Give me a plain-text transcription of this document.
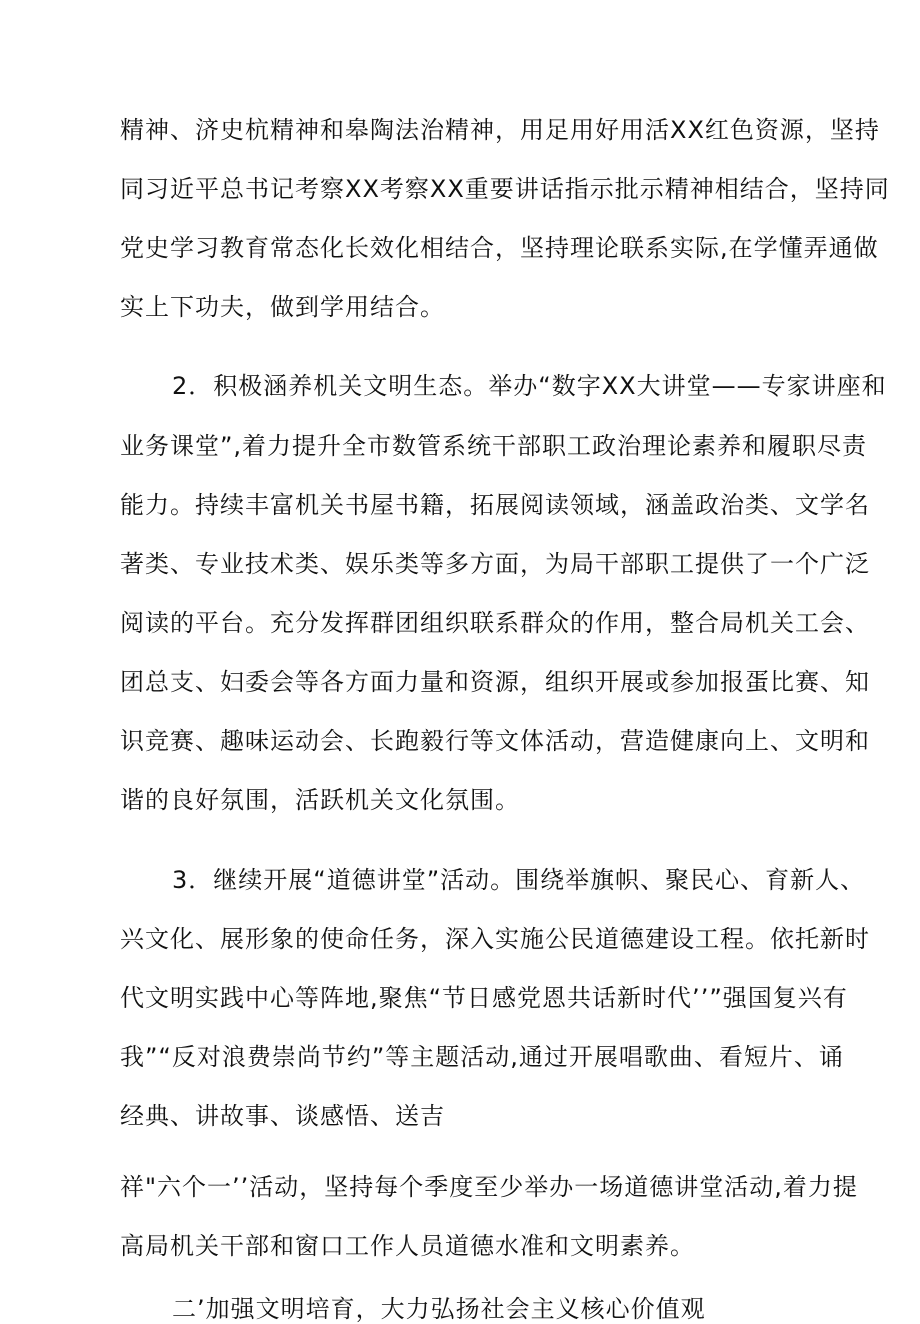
精神、济史杭精神和皋陶法治精神，用足用好用活XX红色资源，坚持
同习近平总书记考察XX考察XX重要讲话指示批示精神相结合，坚持同
党史学习教育常态化长效化相结合，坚持理论联系实际,在学懂弄通做
实上下功夫，做到学用结合。
2．积极涵养机关文明生态。举办“数字XX大讲堂——专家讲座和
业务课堂”,着力提升全市数管系统干部职工政治理论素养和履职尽责
能力。持续丰富机关书屋书籍，拓展阅读领域，涵盖政治类、文学名
著类、专业技术类、娱乐类等多方面，为局干部职工提供了一个广泛
阅读的平台。充分发挥群团组织联系群众的作用，整合局机关工会、
团总支、妇委会等各方面力量和资源，组织开展或参加报蛋比赛、知
识竞赛、趣味运动会、长跑毅行等文体活动，营造健康向上、文明和
谐的良好氛围，活跃机关文化氛围。
3．继续开展“道德讲堂”活动。围绕举旗帜、聚民心、育新人、
兴文化、展形象的使命任务，深入实施公民道德建设工程。依托新时
代文明实践中心等阵地,聚焦“节日感党恩共话新时代’’”强国复兴有
我”“反对浪费崇尚节约”等主题活动,通过开展唱歌曲、看短片、诵
经典、讲故事、谈感悟、送吉
祥"六个一’’活动，坚持每个季度至少举办一场道德讲堂活动,着力提
高局机关干部和窗口工作人员道德水准和文明素养。
二’加强文明培育，大力弘扬社会主义核心价值观
